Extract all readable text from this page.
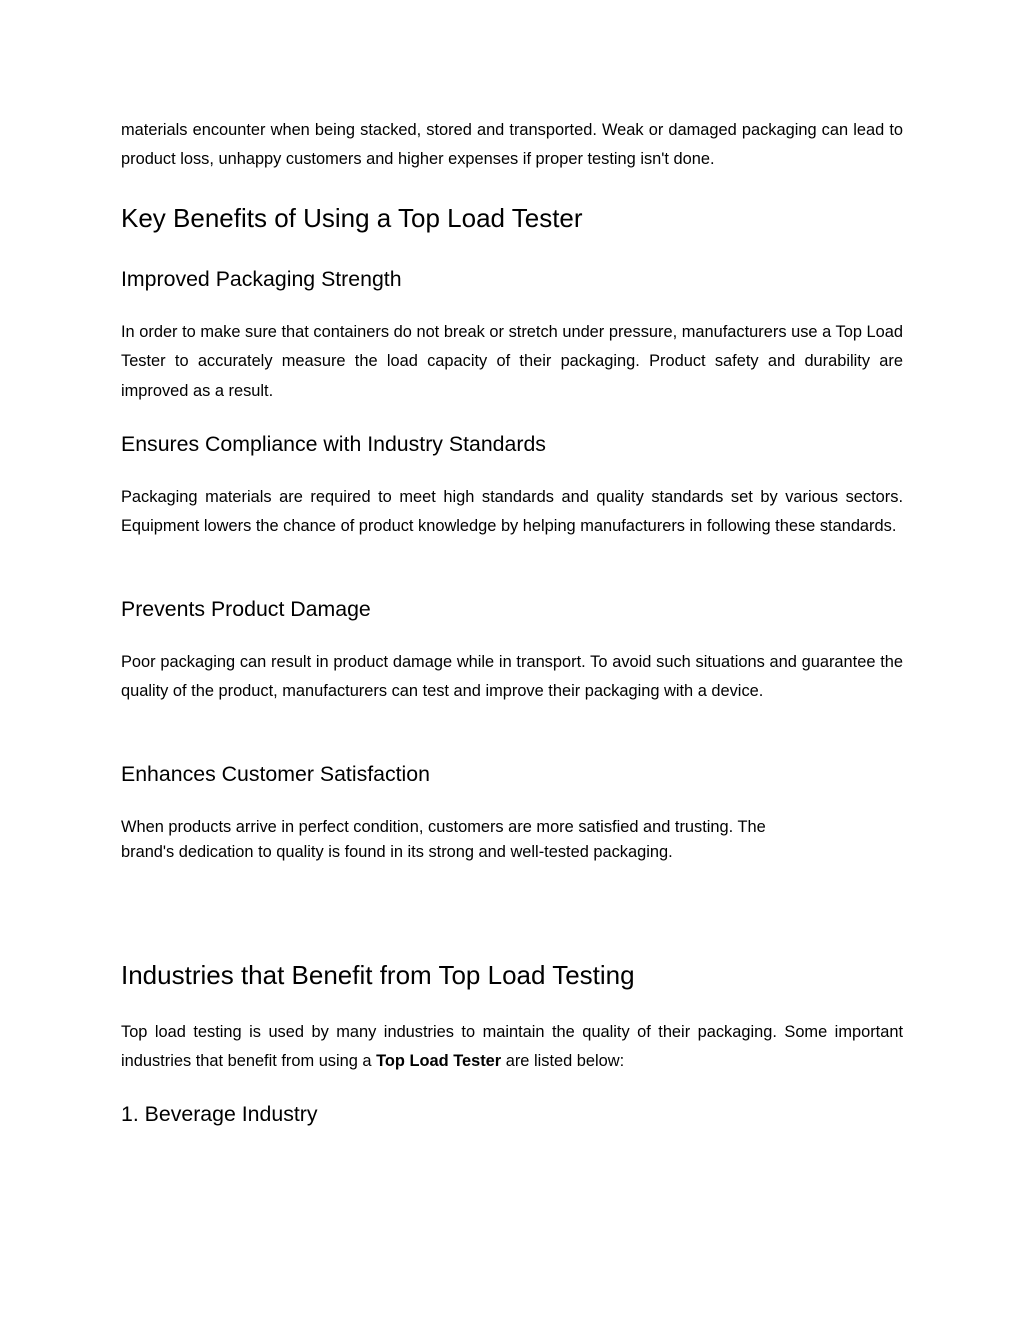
materials encounter when being stacked, stored and transported. Weak or damaged packaging can lead to product loss, unhappy customers and higher expenses if proper testing isn't done.

Key Benefits of Using a Top Load Tester
Improved Packaging Strength

In order to make sure that containers do not break or stretch under pressure, manufacturers use a Top Load Tester to accurately measure the load capacity of their packaging. Product safety and durability are improved as a result.

Ensures Compliance with Industry Standards

Packaging materials are required to meet high standards and quality standards set by various sectors. Equipment lowers the chance of product knowledge by helping manufacturers in following these standards.

Prevents Product Damage

Poor packaging can result in product damage while in transport. To avoid such situations and guarantee the quality of the product, manufacturers can test and improve their packaging with a device.

Enhances Customer Satisfaction

When products arrive in perfect condition, customers are more satisfied and trusting. The
brand's dedication to quality is found in its strong and well-tested packaging.

Industries that Benefit from Top Load Testing

Top load testing is used by many industries to maintain the quality of their packaging. Some important industries that benefit from using a Top Load Tester are listed below:

1. Beverage Industry
